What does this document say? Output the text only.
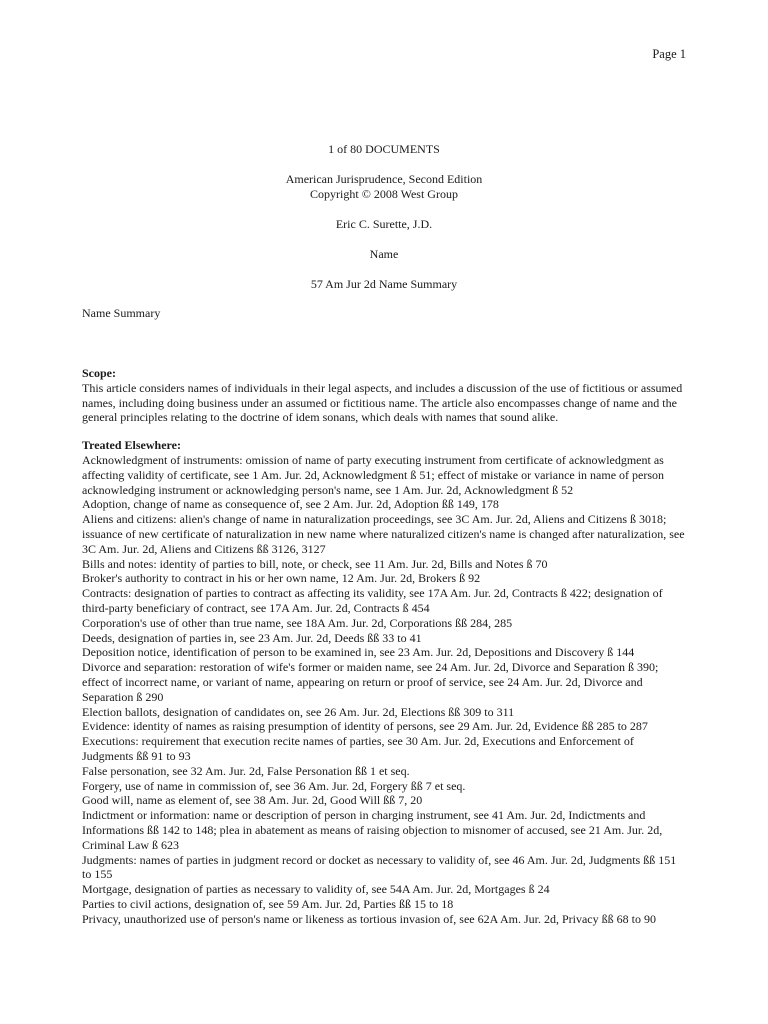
Page 1
1 of 80 DOCUMENTS
American Jurisprudence, Second Edition
Copyright © 2008 West Group
Eric C. Surette, J.D.
Name
57 Am Jur 2d Name Summary
Name Summary
Scope:

This article considers names of individuals in their legal aspects, and includes a discussion of the use of fictitious or assumed names, including doing business under an assumed or fictitious name. The article also encompasses change of name and the general principles relating to the doctrine of idem sonans, which deals with names that sound alike.

Treated Elsewhere:

Acknowledgment of instruments: omission of name of party executing instrument from certificate of acknowledgment as affecting validity of certificate, see 1 Am. Jur. 2d, Acknowledgment ß 51; effect of mistake or variance in name of person acknowledging instrument or acknowledging person's name, see 1 Am. Jur. 2d, Acknowledgment ß 52

Adoption, change of name as consequence of, see 2 Am. Jur. 2d, Adoption ßß 149, 178

Aliens and citizens: alien's change of name in naturalization proceedings, see 3C Am. Jur. 2d, Aliens and Citizens ß 3018; issuance of new certificate of naturalization in new name where naturalized citizen's name is changed after naturalization, see 3C Am. Jur. 2d, Aliens and Citizens ßß 3126, 3127

Bills and notes: identity of parties to bill, note, or check, see 11 Am. Jur. 2d, Bills and Notes ß 70

Broker's authority to contract in his or her own name, 12 Am. Jur. 2d, Brokers ß 92

Contracts: designation of parties to contract as affecting its validity, see 17A Am. Jur. 2d, Contracts ß 422; designation of third-party beneficiary of contract, see 17A Am. Jur. 2d, Contracts ß 454

Corporation's use of other than true name, see 18A Am. Jur. 2d, Corporations ßß 284, 285

Deeds, designation of parties in, see 23 Am. Jur. 2d, Deeds ßß 33 to 41

Deposition notice, identification of person to be examined in, see 23 Am. Jur. 2d, Depositions and Discovery ß 144

Divorce and separation: restoration of wife's former or maiden name, see 24 Am. Jur. 2d, Divorce and Separation ß 390; effect of incorrect name, or variant of name, appearing on return or proof of service, see 24 Am. Jur. 2d, Divorce and Separation ß 290

Election ballots, designation of candidates on, see 26 Am. Jur. 2d, Elections ßß 309 to 311

Evidence: identity of names as raising presumption of identity of persons, see 29 Am. Jur. 2d, Evidence ßß 285 to 287

Executions: requirement that execution recite names of parties, see 30 Am. Jur. 2d, Executions and Enforcement of Judgments ßß 91 to 93

False personation, see 32 Am. Jur. 2d, False Personation ßß 1 et seq.

Forgery, use of name in commission of, see 36 Am. Jur. 2d, Forgery ßß 7 et seq.

Good will, name as element of, see 38 Am. Jur. 2d, Good Will ßß 7, 20

Indictment or information: name or description of person in charging instrument, see 41 Am. Jur. 2d, Indictments and Informations ßß 142 to 148; plea in abatement as means of raising objection to misnomer of accused, see 21 Am. Jur. 2d, Criminal Law ß 623

Judgments: names of parties in judgment record or docket as necessary to validity of, see 46 Am. Jur. 2d, Judgments ßß 151 to 155

Mortgage, designation of parties as necessary to validity of, see 54A Am. Jur. 2d, Mortgages ß 24

Parties to civil actions, designation of, see 59 Am. Jur. 2d, Parties ßß 15 to 18

Privacy, unauthorized use of person's name or likeness as tortious invasion of, see 62A Am. Jur. 2d, Privacy ßß 68 to 90
